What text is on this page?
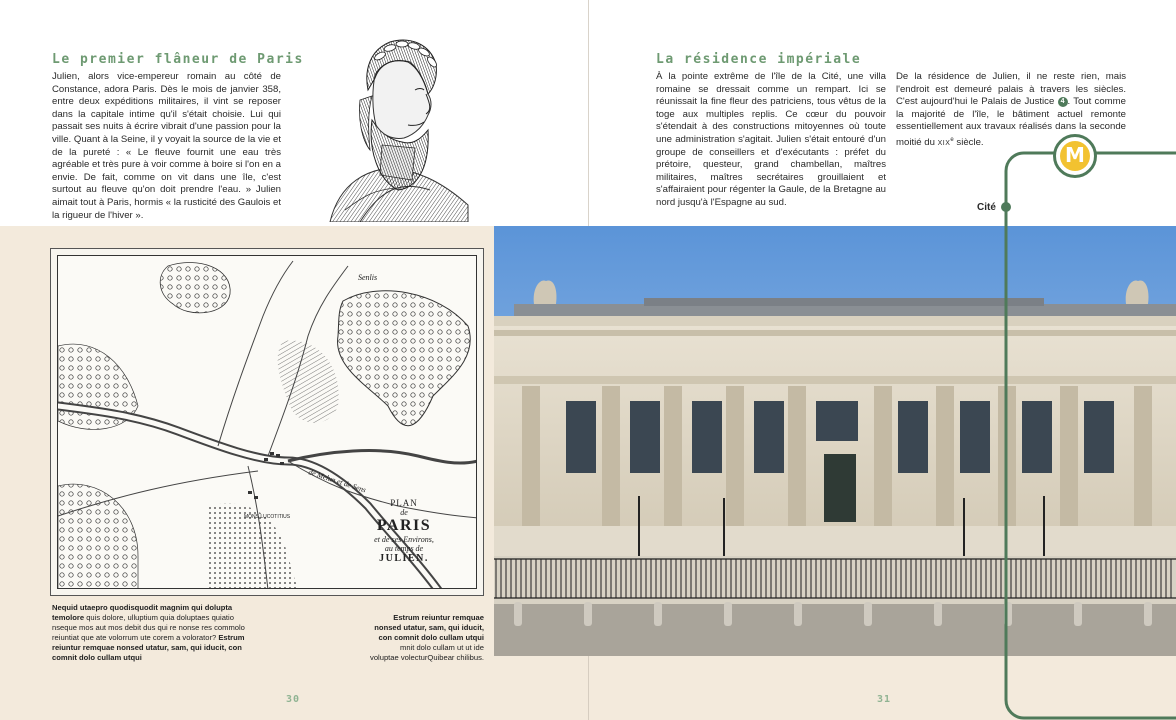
Le premier flâneur de Paris

Julien, alors vice-empereur romain au côté de Constance, adora Paris. Dès le mois de janvier 358, entre deux expéditions militaires, il vint se reposer dans la capitale intime qu'il s'était choisie. Lui qui passait ses nuits à écrire vibrait d'une passion pour la ville. Quant à la Seine, il y voyait la source de la vie et de la pureté : « Le fleuve fournit une eau très agréable et très pure à voir comme à boire si l'on en a envie. De fait, comme on vit dans une île, c'est surtout au fleuve qu'on doit prendre l'eau. » Julien aimait tout à Paris, hormis « la rusticité des Gaulois et la rigueur de l'hiver ».

Senlis
de Melun et de Sens
MONS LUCOTITIUS
PLAN
de
PARIS
et de ses Environs,
au temps de
JULIEN.
Nequid utaepro quodisquodit magnim qui dolupta temolore quis dolore, ulluptium quia doluptaes quiatio nseque mos aut mos debit dus qui re nonse res commolo reiuntiat que ate volorrum ute corem a volorator? Estrum reiuntur remquae nonsed utatur, sam, qui iducit, con comnit dolo cullam utqui
Estrum reiuntur remquae nonsed utatur, sam, qui iducit, con comnit dolo cullam utqui mnit dolo cullam ut ut ide voluptae volecturQuibear chilibus.
30
La résidence impériale

À la pointe extrême de l'île de la Cité, une villa romaine se dressait comme un rempart. Ici se réunissait la fine fleur des patriciens, tous vêtus de la toge aux multiples replis. Ce cœur du pouvoir s'étendait à des constructions mitoyennes où toute une administration s'agitait. Julien s'était entouré d'un groupe de conseillers et d'exécutants : préfet du prétoire, questeur, grand chambellan, maîtres militaires, maîtres secrétaires grouillaient et s'affairaient pour régenter la Gaule, de la Bretagne au nord jusqu'à l'Espagne au sud.

De la résidence de Julien, il ne reste rien, mais l'endroit est demeuré palais à travers les siècles. C'est aujourd'hui le Palais de Justice 4 . Tout comme la majorité de l'île, le bâtiment actuel remonte essentiellement aux travaux réalisés dans la seconde moitié du XIXe siècle.

M
Cité
31
